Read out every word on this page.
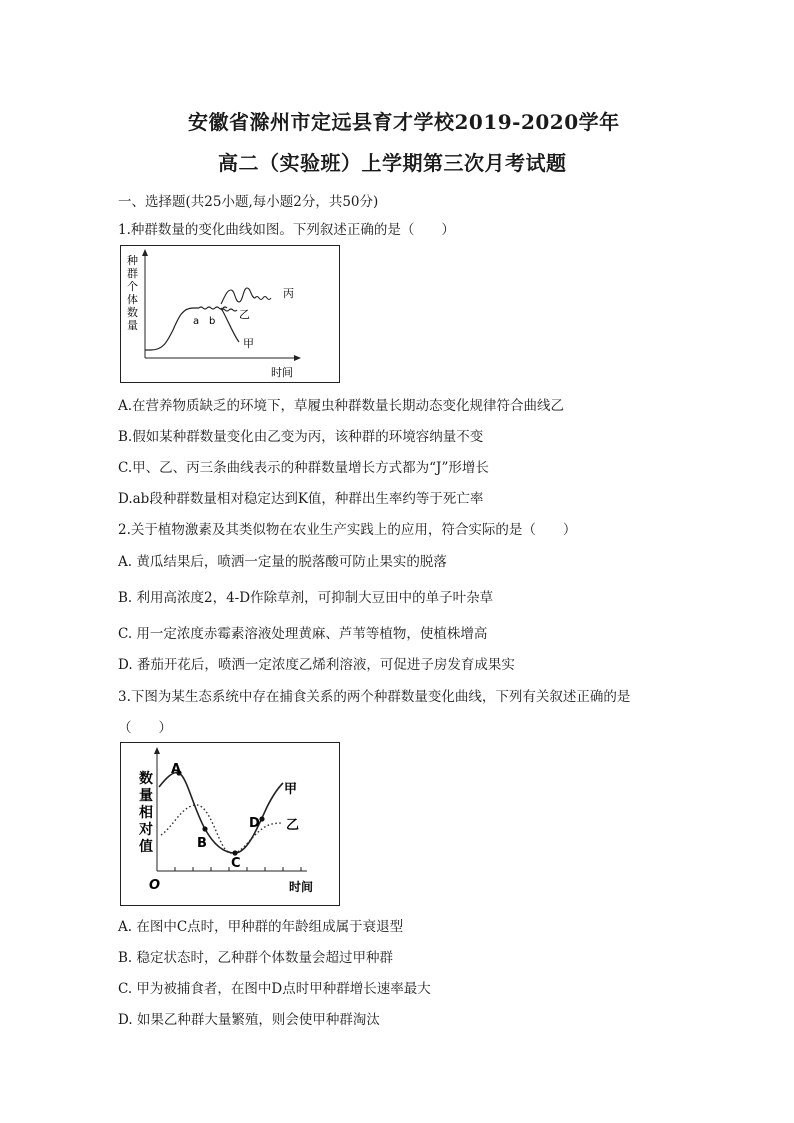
安徽省滁州市定远县育才学校2019-2020学年
高二（实验班）上学期第三次月考试题
一、选择题(共25小题,每小题2分，共50分)
1.种群数量的变化曲线如图。下列叙述正确的是（　　）
种
群
个
体
数
量
时间
a b
乙
丙
甲
A.在营养物质缺乏的环境下，草履虫种群数量长期动态变化规律符合曲线乙
B.假如某种群数量变化由乙变为丙，该种群的环境容纳量不变
C.甲、乙、丙三条曲线表示的种群数量增长方式都为“J”形增长
D.ab段种群数量相对稳定达到K值，种群出生率约等于死亡率
2.关于植物激素及其类似物在农业生产实践上的应用，符合实际的是（　　）
A. 黄瓜结果后，喷洒一定量的脱落酸可防止果实的脱落
B. 利用高浓度2，4-D作除草剂，可抑制大豆田中的单子叶杂草
C. 用一定浓度赤霉素溶液处理黄麻、芦苇等植物，使植株增高
D. 番茄开花后，喷洒一定浓度乙烯利溶液，可促进子房发育成果实
3.下图为某生态系统中存在捕食关系的两个种群数量变化曲线，下列有关叙述正确的是
（　　）
数
量
相
对
值
O	时间
A
B
C
D
甲
乙
A. 在图中C点时，甲种群的年龄组成属于衰退型
B. 稳定状态时，乙种群个体数量会超过甲种群
C. 甲为被捕食者，在图中D点时甲种群增长速率最大
D. 如果乙种群大量繁殖，则会使甲种群淘汰
